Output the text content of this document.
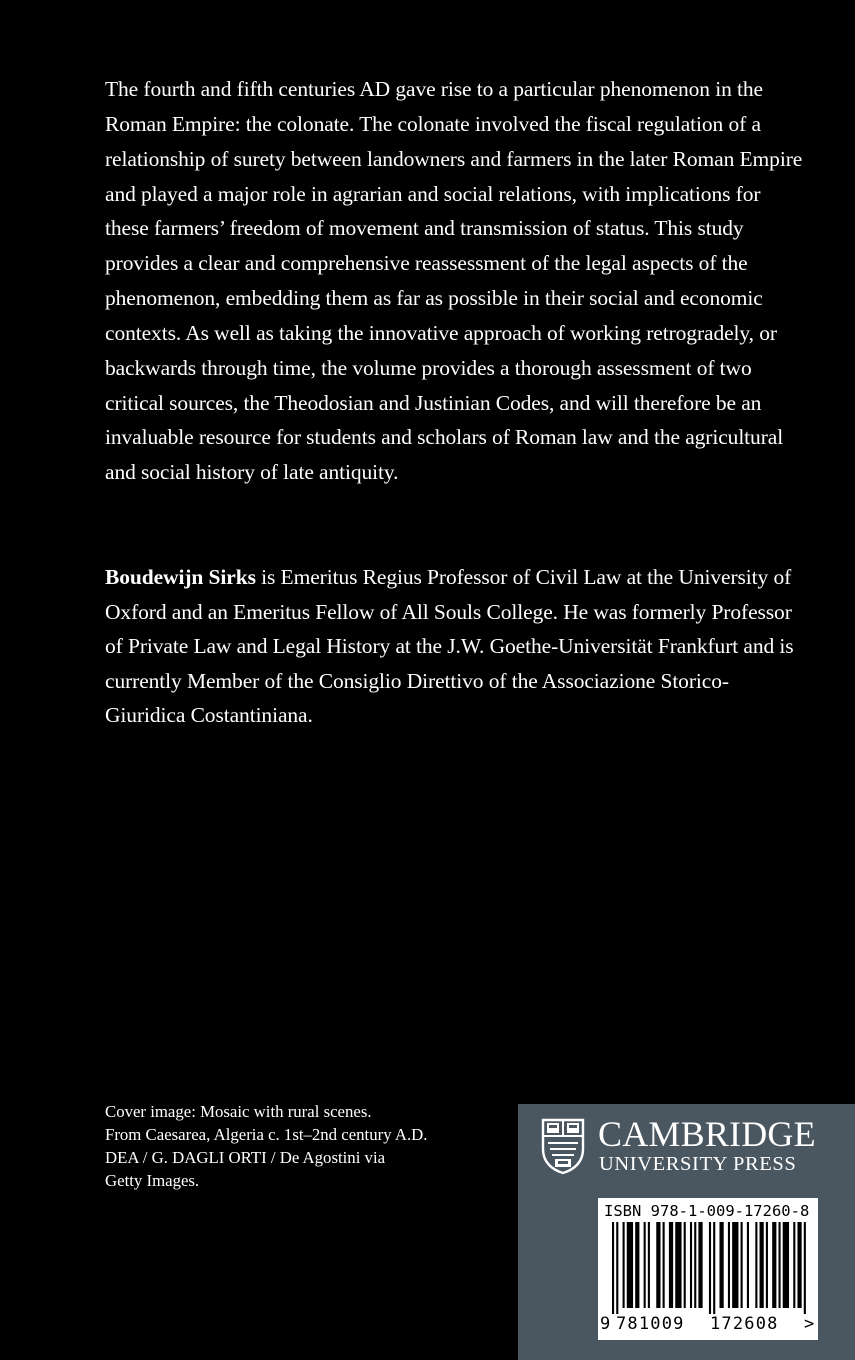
The fourth and fifth centuries AD gave rise to a particular phenomenon in the Roman Empire: the colonate. The colonate involved the fiscal regulation of a relationship of surety between landowners and farmers in the later Roman Empire and played a major role in agrarian and social relations, with implications for these farmers’ freedom of movement and transmission of status. This study provides a clear and comprehensive reassessment of the legal aspects of the phenomenon, embedding them as far as possible in their social and economic contexts. As well as taking the innovative approach of working retrogradely, or backwards through time, the volume provides a thorough assessment of two critical sources, the Theodosian and Justinian Codes, and will therefore be an invaluable resource for students and scholars of Roman law and the agricultural and social history of late antiquity.

Boudewijn Sirks is Emeritus Regius Professor of Civil Law at the University of Oxford and an Emeritus Fellow of All Souls College. He was formerly Professor of Private Law and Legal History at the J.W. Goethe-Universität Frankfurt and is currently Member of the Consiglio Direttivo of the Associazione Storico-Giuridica Costantiniana.

Cover image: Mosaic with rural scenes.
From Caesarea, Algeria c. 1st–2nd century A.D.
DEA / G. DAGLI ORTI / De Agostini via
Getty Images.
CAMBRIDGE
UNIVERSITY PRESS
ISBN 978-1-009-17260-8
9 781009 172608 >
